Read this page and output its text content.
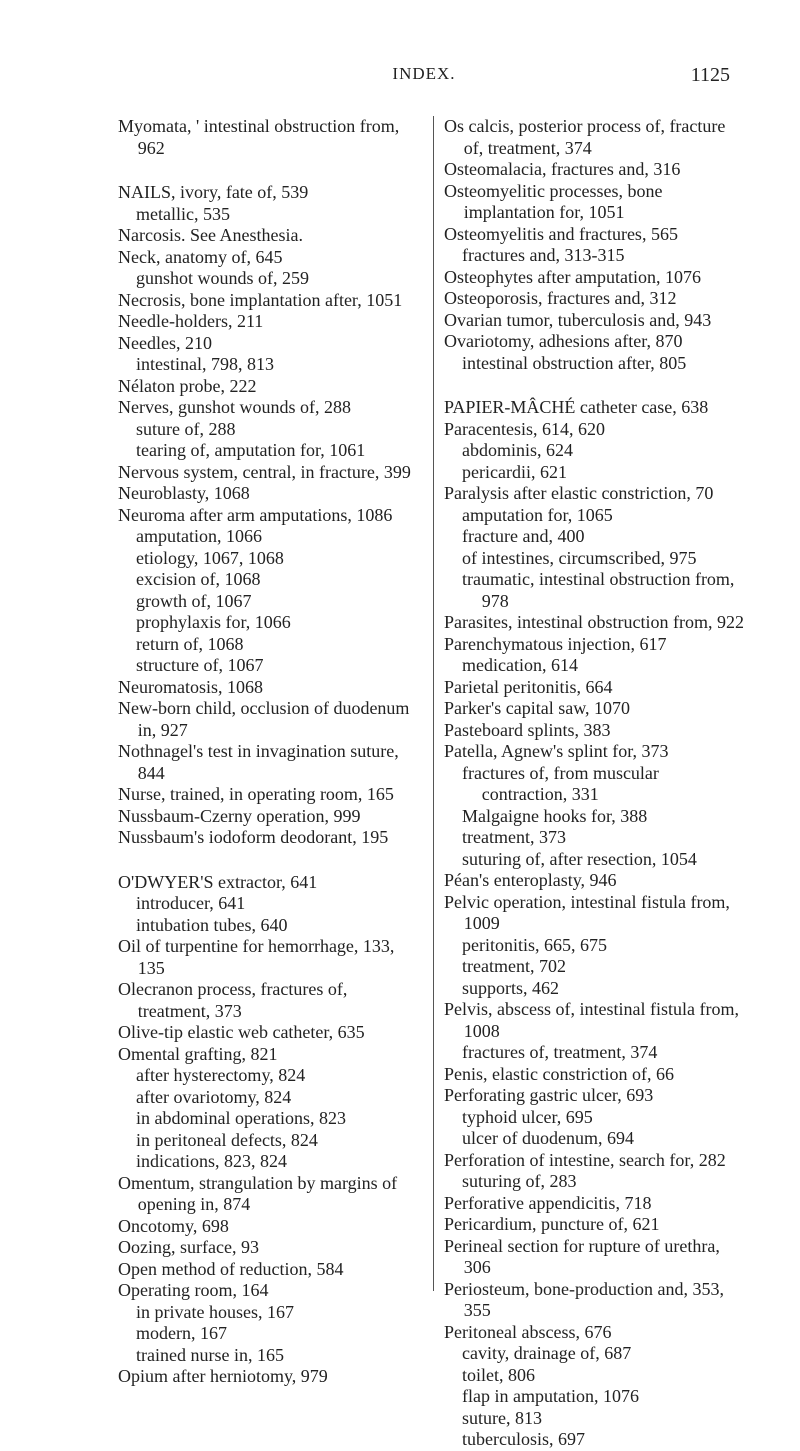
INDEX.	1125
Myomata, ' intestinal obstruction from, 962
NAILS, ivory, fate of, 539
metallic, 535
Narcosis. See Anesthesia.
Neck, anatomy of, 645
gunshot wounds of, 259
Necrosis, bone implantation after, 1051
Needle-holders, 211
Needles, 210
intestinal, 798, 813
Nélaton probe, 222
Nerves, gunshot wounds of, 288
suture of, 288
tearing of, amputation for, 1061
Nervous system, central, in fracture, 399
Neuroblasty, 1068
Neuroma after arm amputations, 1086
amputation, 1066
etiology, 1067, 1068
excision of, 1068
growth of, 1067
prophylaxis for, 1066
return of, 1068
structure of, 1067
Neuromatosis, 1068
New-born child, occlusion of duodenum in, 927
Nothnagel's test in invagination suture, 844
Nurse, trained, in operating room, 165
Nussbaum-Czerny operation, 999
Nussbaum's iodoform deodorant, 195
O'DWYER'S extractor, 641
introducer, 641
intubation tubes, 640
Oil of turpentine for hemorrhage, 133, 135
Olecranon process, fractures of, treatment, 373
Olive-tip elastic web catheter, 635
Omental grafting, 821
after hysterectomy, 824
after ovariotomy, 824
in abdominal operations, 823
in peritoneal defects, 824
indications, 823, 824
Omentum, strangulation by margins of opening in, 874
Oncotomy, 698
Oozing, surface, 93
Open method of reduction, 584
Operating room, 164
in private houses, 167
modern, 167
trained nurse in, 165
Opium after herniotomy, 979
Os calcis, posterior process of, fracture of, treatment, 374
Osteomalacia, fractures and, 316
Osteomyelitic processes, bone implantation for, 1051
Osteomyelitis and fractures, 565
fractures and, 313-315
Osteophytes after amputation, 1076
Osteoporosis, fractures and, 312
Ovarian tumor, tuberculosis and, 943
Ovariotomy, adhesions after, 870
intestinal obstruction after, 805
PAPIER-MÂCHÉ catheter case, 638
Paracentesis, 614, 620
abdominis, 624
pericardii, 621
Paralysis after elastic constriction, 70
amputation for, 1065
fracture and, 400
of intestines, circumscribed, 975
traumatic, intestinal obstruction from, 978
Parasites, intestinal obstruction from, 922
Parenchymatous injection, 617
medication, 614
Parietal peritonitis, 664
Parker's capital saw, 1070
Pasteboard splints, 383
Patella, Agnew's splint for, 373
fractures of, from muscular contraction, 331
Malgaigne hooks for, 388
treatment, 373
suturing of, after resection, 1054
Péan's enteroplasty, 946
Pelvic operation, intestinal fistula from, 1009
peritonitis, 665, 675
treatment, 702
supports, 462
Pelvis, abscess of, intestinal fistula from, 1008
fractures of, treatment, 374
Penis, elastic constriction of, 66
Perforating gastric ulcer, 693
typhoid ulcer, 695
ulcer of duodenum, 694
Perforation of intestine, search for, 282
suturing of, 283
Perforative appendicitis, 718
Pericardium, puncture of, 621
Perineal section for rupture of urethra, 306
Periosteum, bone-production and, 353, 355
Peritoneal abscess, 676
cavity, drainage of, 687
toilet, 806
flap in amputation, 1076
suture, 813
tuberculosis, 697
